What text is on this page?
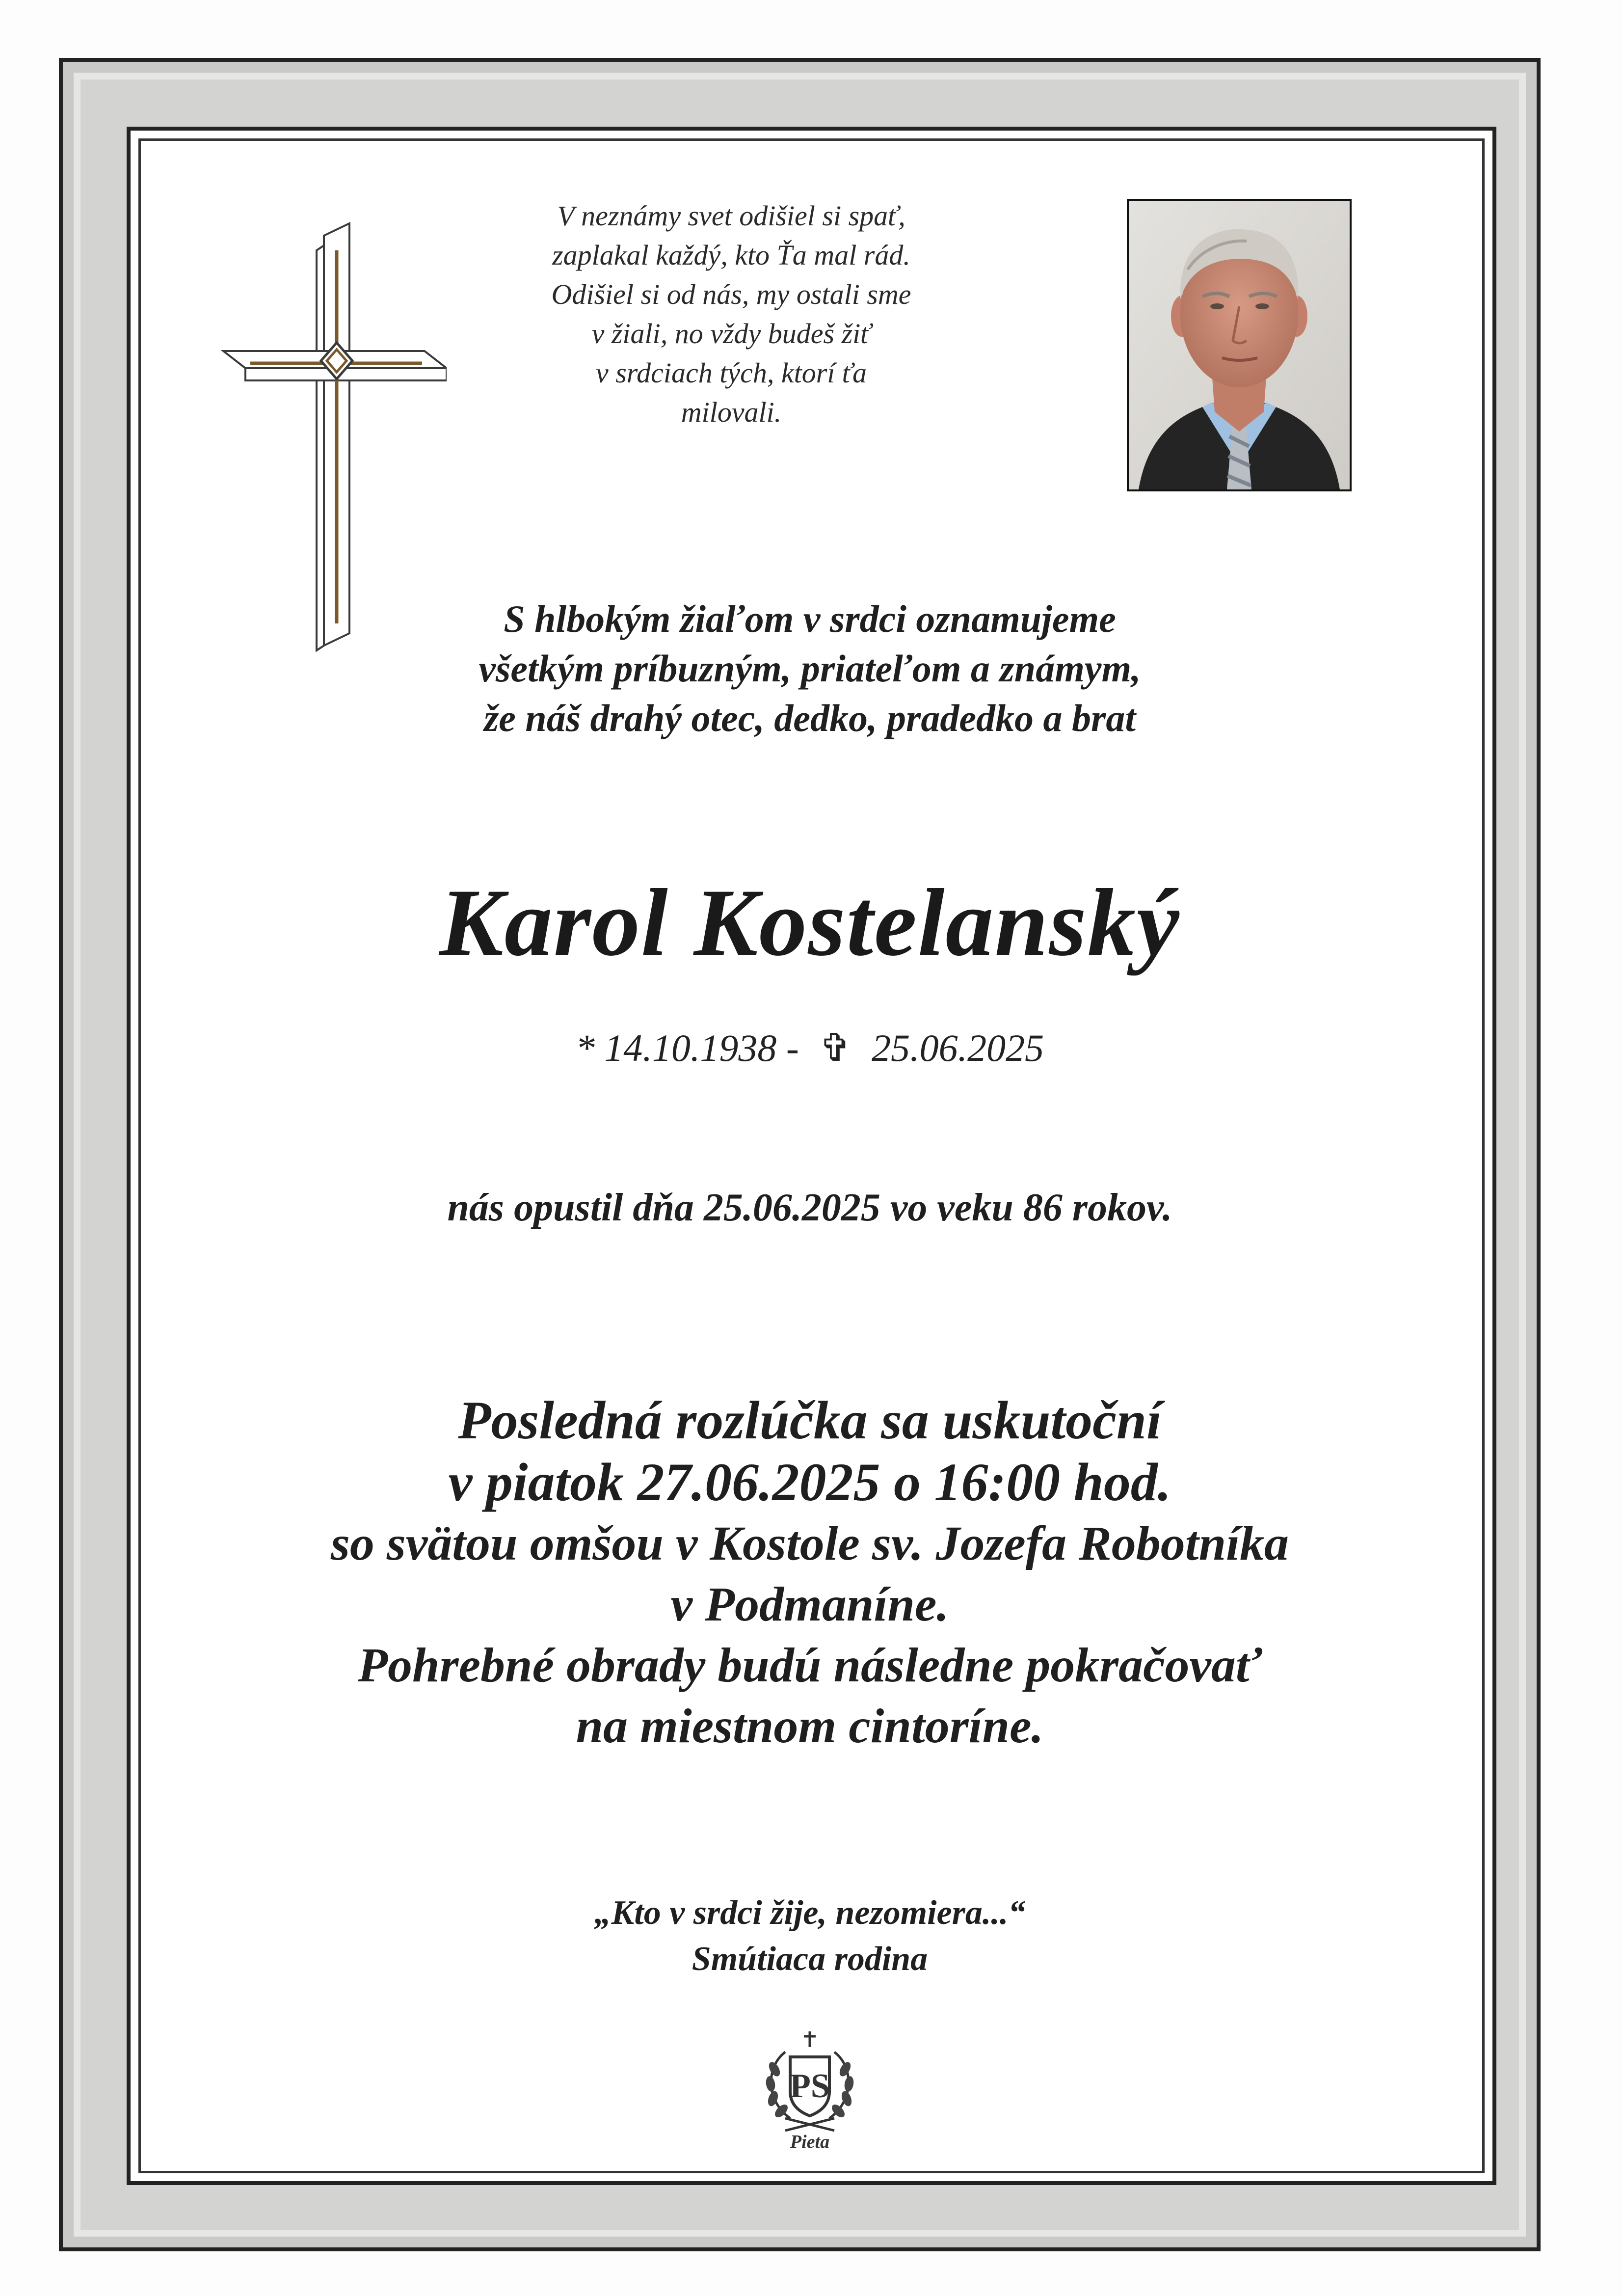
V neznámy svet odišiel si spať,
zaplakal každý, kto Ťa mal rád.
Odišiel si od nás, my ostali sme
v žiali, no vždy budeš žiť
v srdciach tých, ktorí ťa
milovali.
S hlbokým žiaľom v srdci oznamujeme
všetkým príbuzným, priateľom a známym,
že náš drahý otec, dedko, pradedko a brat
Karol Kostelanský
* 14.10.1938 - ✞ 25.06.2025
nás opustil dňa 25.06.2025 vo veku 86 rokov.
Posledná rozlúčka sa uskutoční
v piatok 27.06.2025 o 16:00 hod.
so svätou omšou v Kostole sv. Jozefa Robotníka
v Podmaníne.
Pohrebné obrady budú následne pokračovať
na miestnom cintoríne.
„Kto v srdci žije, nezomiera...“
Smútiaca rodina
PS
Pieta
